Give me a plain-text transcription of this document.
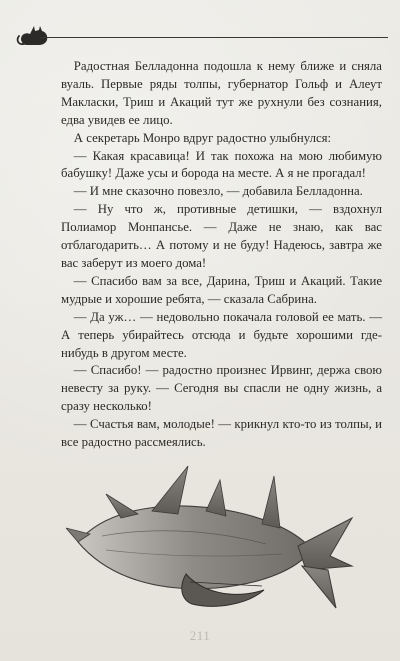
Радостная Белладонна подошла к нему ближе и сняла вуаль. Первые ряды толпы, губернатор Гольф и Алеут Макласки, Триш и Акаций тут же рухнули без сознания, едва увидев ее лицо.

А секретарь Монро вдруг радостно улыбнулся:

— Какая красавица! И так похожа на мою любимую бабушку! Даже усы и борода на месте. А я не прогадал!

— И мне сказочно повезло, — добавила Белладонна.

— Ну что ж, противные детишки, — вздохнул Полиамор Монпансье. — Даже не знаю, как вас отблагодарить… А потому и не буду! Надеюсь, завтра же вас заберут из моего дома!

— Спасибо вам за все, Дарина, Триш и Акаций. Такие мудрые и хорошие ребята, — сказала Сабрина.

— Да уж… — недовольно покачала головой ее мать. — А теперь убирайтесь отсюда и будьте хорошими где-нибудь в другом месте.

— Спасибо! — радостно произнес Ирвинг, держа свою невесту за руку. — Сегодня вы спасли не одну жизнь, а сразу несколько!

— Счастья вам, молодые! — крикнул кто-то из толпы, и все радостно рассмеялись.

211
